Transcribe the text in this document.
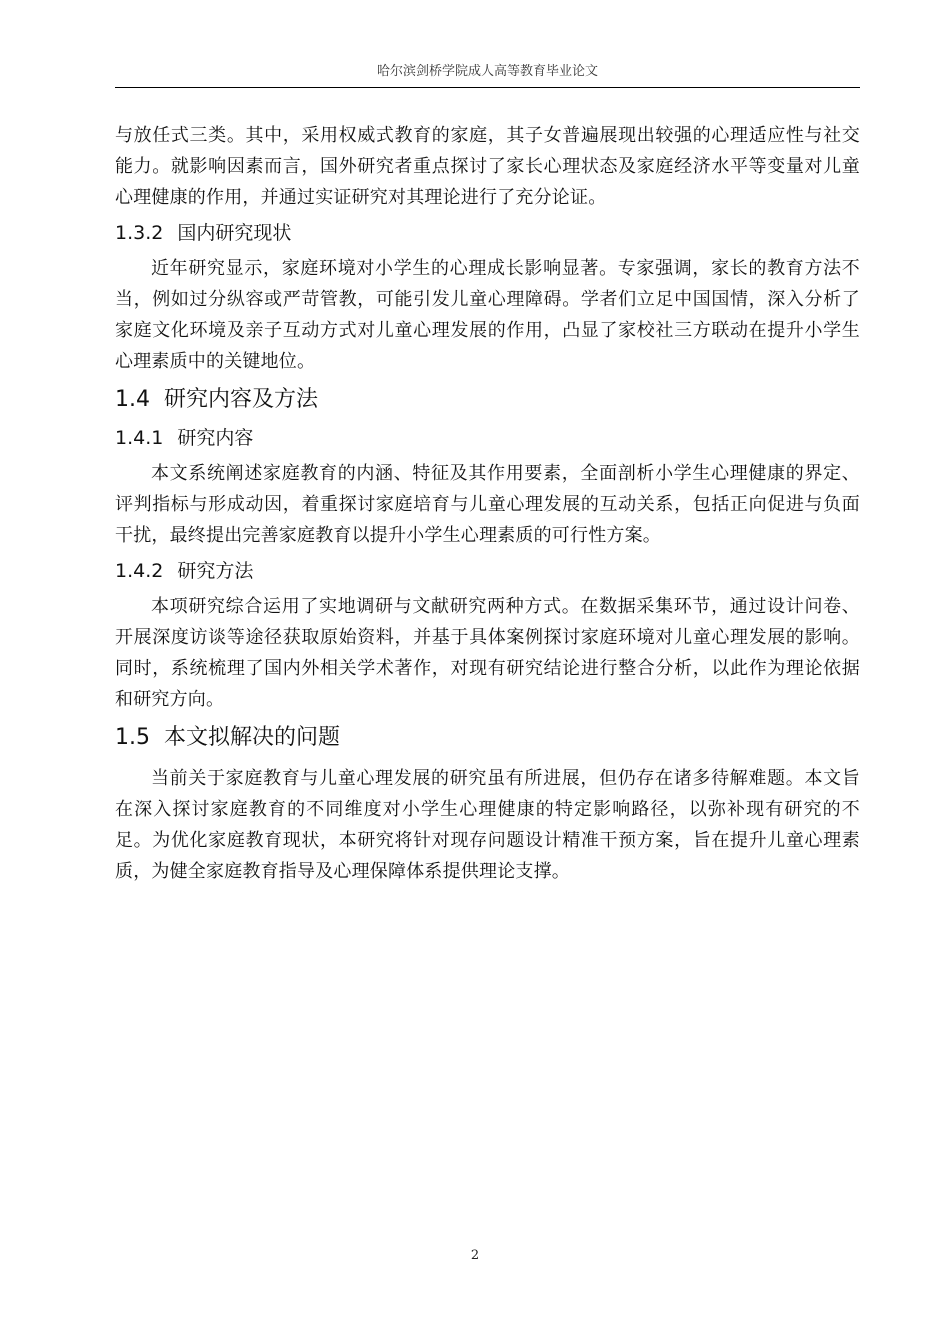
哈尔滨剑桥学院成人高等教育毕业论文

与放任式三类。其中，采用权威式教育的家庭，其子女普遍展现出较强的心理适应性与社交能力。就影响因素而言，国外研究者重点探讨了家长心理状态及家庭经济水平等变量对儿童心理健康的作用，并通过实证研究对其理论进行了充分论证。

1.3.2 国内研究现状

近年研究显示，家庭环境对小学生的心理成长影响显著。专家强调，家长的教育方法不当，例如过分纵容或严苛管教，可能引发儿童心理障碍。学者们立足中国国情，深入分析了家庭文化环境及亲子互动方式对儿童心理发展的作用，凸显了家校社三方联动在提升小学生心理素质中的关键地位。

1.4 研究内容及方法
1.4.1 研究内容

本文系统阐述家庭教育的内涵、特征及其作用要素，全面剖析小学生心理健康的界定、评判指标与形成动因，着重探讨家庭培育与儿童心理发展的互动关系，包括正向促进与负面干扰，最终提出完善家庭教育以提升小学生心理素质的可行性方案。

1.4.2 研究方法

本项研究综合运用了实地调研与文献研究两种方式。在数据采集环节，通过设计问卷、开展深度访谈等途径获取原始资料，并基于具体案例探讨家庭环境对儿童心理发展的影响。同时，系统梳理了国内外相关学术著作，对现有研究结论进行整合分析，以此作为理论依据和研究方向。

1.5 本文拟解决的问题

当前关于家庭教育与儿童心理发展的研究虽有所进展，但仍存在诸多待解难题。本文旨在深入探讨家庭教育的不同维度对小学生心理健康的特定影响路径，以弥补现有研究的不足。为优化家庭教育现状，本研究将针对现存问题设计精准干预方案，旨在提升儿童心理素质，为健全家庭教育指导及心理保障体系提供理论支撑。

2
